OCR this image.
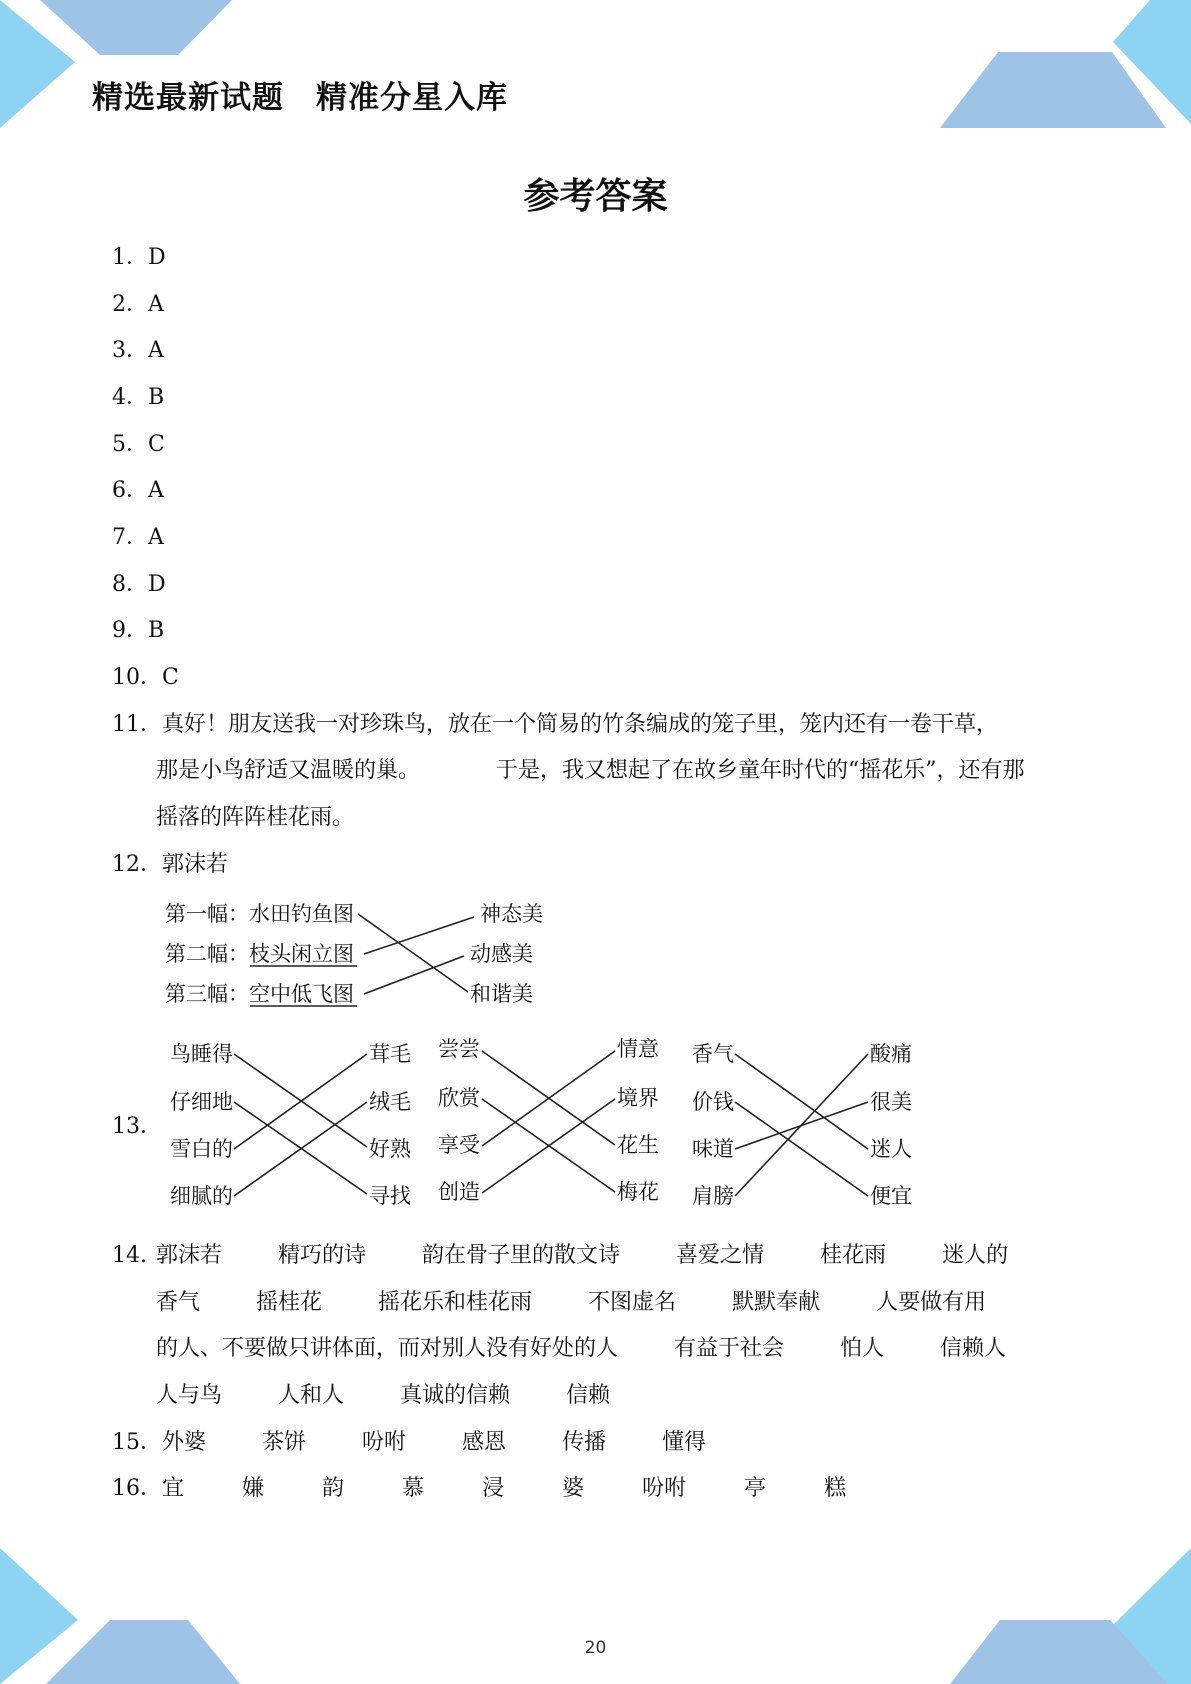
精选最新试题　精准分星入库
参考答案

1．D

2．A

3．A

4．B

5．C

6．A

7．A

8．D

9．B

10．C

11．真好！朋友送我一对珍珠鸟，放在一个简易的竹条编成的笼子里，笼内还有一卷干草，

那是小鸟舒适又温暖的巢。	于是，我又想起了在故乡童年时代的“摇花乐”，还有那

摇落的阵阵桂花雨。

12．郭沫若

13．

第一幅：水田钓鱼图
第二幅：枝头闲立图
第三幅：空中低飞图
神态美
动感美
和谐美
鸟睡得
仔细地
雪白的
细腻的
茸毛
绒毛
好熟
寻找
尝尝
欣赏
享受
创造
情意
境界
花生
梅花
香气
价钱
味道
肩膀
酸痛
很美
迷人
便宜

14. 郭沫若	精巧的诗	韵在骨子里的散文诗	喜爱之情	桂花雨	迷人的

香气	摇桂花	摇花乐和桂花雨	不图虚名	默默奉献	人要做有用

的人、不要做只讲体面，而对别人没有好处的人	有益于社会	怕人	信赖人

人与鸟	人和人	真诚的信赖	信赖

15．外婆	茶饼	吩咐	感恩	传播	懂得

16．宜	嫌	韵	慕	浸	婆	吩咐	亭	糕

20
